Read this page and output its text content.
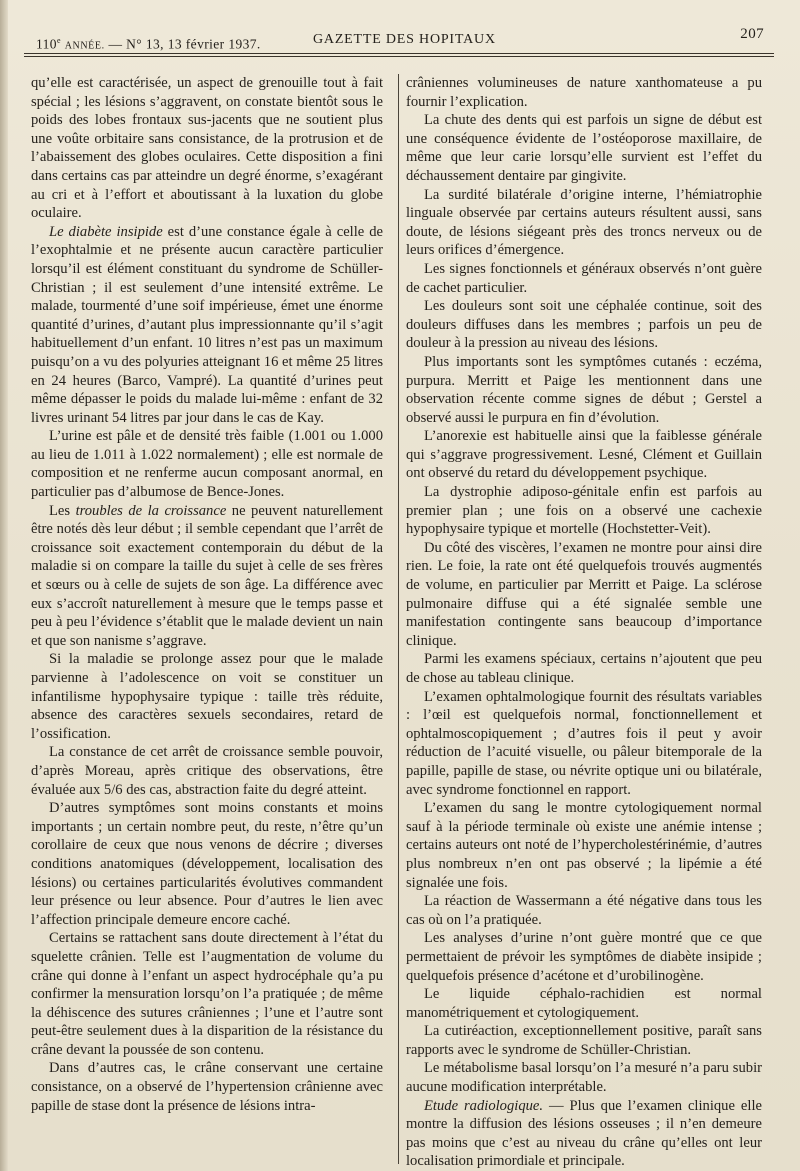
110e ANNÉE. — N° 13, 13 février 1937.	GAZETTE DES HOPITAUX	207

qu’elle est caractérisée, un aspect de grenouille tout à fait spécial ; les lésions s’aggravent, on constate bientôt sous le poids des lobes frontaux sus-jacents que ne soutient plus une voûte orbitaire sans consistance, de la protrusion et de l’abaissement des globes oculaires. Cette disposition a fini dans certains cas par atteindre un degré énorme, s’exagérant au cri et à l’effort et aboutissant à la luxation du globe oculaire.

Le diabète insipide est d’une constance égale à celle de l’exophtalmie et ne présente aucun caractère particulier lorsqu’il est élément constituant du syndrome de Schüller-Christian ; il est seulement d’une intensité extrême. Le malade, tourmenté d’une soif impérieuse, émet une énorme quantité d’urines, d’autant plus impressionnante qu’il s’agit habituellement d’un enfant. 10 litres n’est pas un maximum puisqu’on a vu des polyuries atteignant 16 et même 25 litres en 24 heures (Barco, Vampré). La quantité d’urines peut même dépasser le poids du malade lui-même : enfant de 32 livres urinant 54 litres par jour dans le cas de Kay.

L’urine est pâle et de densité très faible (1.001 ou 1.000 au lieu de 1.011 à 1.022 normalement) ; elle est normale de composition et ne renferme aucun composant anormal, en particulier pas d’albumose de Bence-Jones.

Les troubles de la croissance ne peuvent naturellement être notés dès leur début ; il semble cependant que l’arrêt de croissance soit exactement contemporain du début de la maladie si on compare la taille du sujet à celle de ses frères et sœurs ou à celle de sujets de son âge. La différence avec eux s’accroît naturellement à mesure que le temps passe et peu à peu l’évidence s’établit que le malade devient un nain et que son nanisme s’aggrave.

Si la maladie se prolonge assez pour que le malade parvienne à l’adolescence on voit se constituer un infantilisme hypophysaire typique : taille très réduite, absence des caractères sexuels secondaires, retard de l’ossification.

La constance de cet arrêt de croissance semble pouvoir, d’après Moreau, après critique des observations, être évaluée aux 5/6 des cas, abstraction faite du degré atteint.

D’autres symptômes sont moins constants et moins importants ; un certain nombre peut, du reste, n’être qu’un corollaire de ceux que nous venons de décrire ; diverses conditions anatomiques (développement, localisation des lésions) ou certaines particularités évolutives commandent leur présence ou leur absence. Pour d’autres le lien avec l’affection principale demeure encore caché.

Certains se rattachent sans doute directement à l’état du squelette crânien. Telle est l’augmentation de volume du crâne qui donne à l’enfant un aspect hydrocéphale qu’a pu confirmer la mensuration lorsqu’on l’a pratiquée ; de même la déhiscence des sutures crâniennes ; l’une et l’autre sont peut-être seulement dues à la disparition de la résistance du crâne devant la poussée de son contenu.

Dans d’autres cas, le crâne conservant une certaine consistance, on a observé de l’hypertension crânienne avec papille de stase dont la présence de lésions intra-

crâniennes volumineuses de nature xanthomateuse a pu fournir l’explication.

La chute des dents qui est parfois un signe de début est une conséquence évidente de l’ostéoporose maxillaire, de même que leur carie lorsqu’elle survient est l’effet du déchaussement dentaire par gingivite.

La surdité bilatérale d’origine interne, l’hémiatrophie linguale observée par certains auteurs résultent aussi, sans doute, de lésions siégeant près des troncs nerveux ou de leurs orifices d’émergence.

Les signes fonctionnels et généraux observés n’ont guère de cachet particulier.

Les douleurs sont soit une céphalée continue, soit des douleurs diffuses dans les membres ; parfois un peu de douleur à la pression au niveau des lésions.

Plus importants sont les symptômes cutanés : eczéma, purpura. Merritt et Paige les mentionnent dans une observation récente comme signes de début ; Gerstel a observé aussi le purpura en fin d’évolution.

L’anorexie est habituelle ainsi que la faiblesse générale qui s’aggrave progressivement. Lesné, Clément et Guillain ont observé du retard du développement psychique.

La dystrophie adiposo-génitale enfin est parfois au premier plan ; une fois on a observé une cachexie hypophysaire typique et mortelle (Hochstetter-Veit).

Du côté des viscères, l’examen ne montre pour ainsi dire rien. Le foie, la rate ont été quelquefois trouvés augmentés de volume, en particulier par Merritt et Paige. La sclérose pulmonaire diffuse qui a été signalée semble une manifestation contingente sans beaucoup d’importance clinique.

Parmi les examens spéciaux, certains n’ajoutent que peu de chose au tableau clinique.

L’examen ophtalmologique fournit des résultats variables : l’œil est quelquefois normal, fonctionnellement et ophtalmoscopiquement ; d’autres fois il peut y avoir réduction de l’acuité visuelle, ou pâleur bitemporale de la papille, papille de stase, ou névrite optique uni ou bilatérale, avec syndrome fonctionnel en rapport.

L’examen du sang le montre cytologiquement normal sauf à la période terminale où existe une anémie intense ; certains auteurs ont noté de l’hypercholestérinémie, d’autres plus nombreux n’en ont pas observé ; la lipémie a été signalée une fois.

La réaction de Wassermann a été négative dans tous les cas où on l’a pratiquée.

Les analyses d’urine n’ont guère montré que ce que permettaient de prévoir les symptômes de diabète insipide ; quelquefois présence d’acétone et d’urobilinogène.

Le liquide céphalo-rachidien est normal manométriquement et cytologiquement.

La cutiréaction, exceptionnellement positive, paraît sans rapports avec le syndrome de Schüller-Christian.

Le métabolisme basal lorsqu’on l’a mesuré n’a paru subir aucune modification interprétable.

Etude radiologique. — Plus que l’examen clinique elle montre la diffusion des lésions osseuses ; il n’en demeure pas moins que c’est au niveau du crâne qu’elles ont leur localisation primordiale et principale.
